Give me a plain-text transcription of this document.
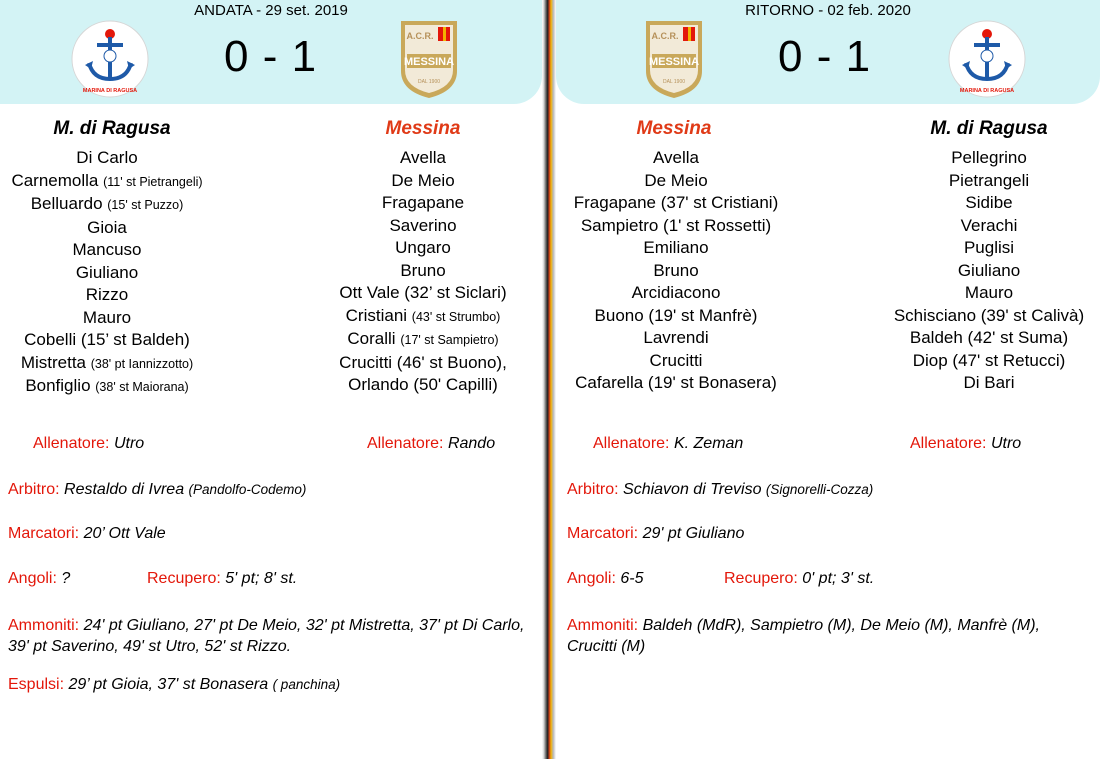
ANDATA - 29 set. 2019
MARINA DI RAGUSA
0 - 1	A.C.R.
MESSINA
DAL 1900
M. di Ragusa	Messina
Di Carlo
Carnemolla (11' st Pietrangeli)
Belluardo (15' st Puzzo)
Gioia
Mancuso
Giuliano
Rizzo
Mauro
Cobelli (15’ st Baldeh)
Mistretta (38' pt Iannizzotto)
Bonfiglio (38' st Maiorana)
Avella
De Meio
Fragapane
Saverino
Ungaro
Bruno
Ott Vale (32’ st Siclari)
Cristiani (43' st Strumbo)
Coralli (17' st Sampietro)
Crucitti (46' st Buono),
Orlando (50' Capilli)
Allenatore: Utro	Allenatore: Rando
Arbitro: Restaldo di Ivrea (Pandolfo-Codemo)
Marcatori: 20’ Ott Vale
Angoli: ?	Recupero: 5' pt; 8' st.
Ammoniti: 24' pt Giuliano, 27' pt De Meio, 32' pt Mistretta, 37' pt Di Carlo, 39' pt Saverino, 49' st Utro, 52' st Rizzo.
Espulsi: 29’ pt Gioia, 37' st Bonasera ( panchina)
RITORNO - 02 feb. 2020
A.C.R.
MESSINA
DAL 1900
0 - 1
MARINA DI RAGUSA
Messina	M. di Ragusa
Avella
De Meio
Fragapane (37' st Cristiani)
Sampietro (1' st Rossetti)
Emiliano
Bruno
Arcidiacono
Buono (19' st Manfrè)
Lavrendi
Crucitti
Cafarella (19' st Bonasera)
Pellegrino
Pietrangeli
Sidibe
Verachi
Puglisi
Giuliano
Mauro
Schisciano (39' st Calivà)
Baldeh (42' st Suma)
Diop (47' st Retucci)
Di Bari
Allenatore: K. Zeman	Allenatore: Utro
Arbitro: Schiavon di Treviso (Signorelli-Cozza)
Marcatori: 29' pt Giuliano
Angoli: 6-5	Recupero: 0' pt; 3' st.
Ammoniti: Baldeh (MdR), Sampietro (M), De Meio (M), Manfrè (M), Crucitti (M)
